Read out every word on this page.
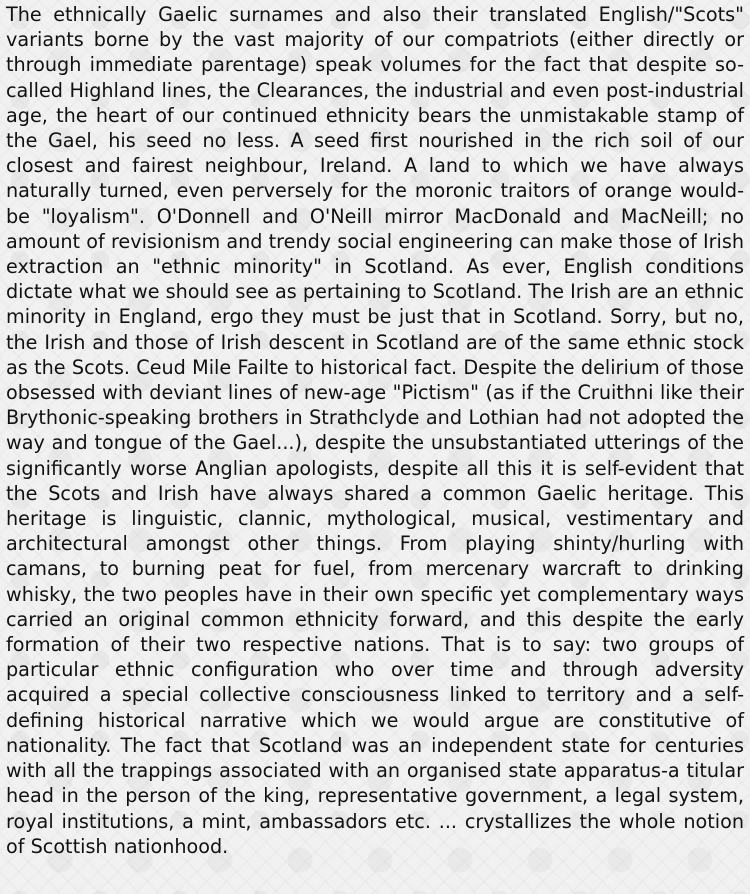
The ethnically Gaelic surnames and also their translated English/"Scots" variants borne by the vast majority of our compatriots (either directly or through immediate parentage) speak volumes for the fact that despite so-called Highland lines, the Clearances, the industrial and even post-industrial age, the heart of our continued ethnicity bears the unmistakable stamp of the Gael, his seed no less. A seed first nourished in the rich soil of our closest and fairest neighbour, Ireland. A land to which we have always naturally turned, even perversely for the moronic traitors of orange would-be "loyalism". O'Donnell and O'Neill mirror MacDonald and MacNeill; no amount of revisionism and trendy social engineering can make those of Irish extraction an "ethnic minority" in Scotland. As ever, English conditions dictate what we should see as pertaining to Scotland. The Irish are an ethnic minority in England, ergo they must be just that in Scotland. Sorry, but no, the Irish and those of Irish descent in Scotland are of the same ethnic stock as the Scots. Ceud Mile Failte to historical fact. Despite the delirium of those obsessed with deviant lines of new-age "Pictism" (as if the Cruithni like their Brythonic-speaking brothers in Strathclyde and Lothian had not adopted the way and tongue of the Gael...), despite the unsubstantiated utterings of the significantly worse Anglian apologists, despite all this it is self-evident that the Scots and Irish have always shared a common Gaelic heritage. This heritage is linguistic, clannic, mythological, musical, vestimentary and architectural amongst other things. From playing shinty/hurling with camans, to burning peat for fuel, from mercenary warcraft to drinking whisky, the two peoples have in their own specific yet complementary ways carried an original common ethnicity forward, and this despite the early formation of their two respective nations. That is to say: two groups of particular ethnic configuration who over time and through adversity acquired a special collective consciousness linked to territory and a self-defining historical narrative which we would argue are constitutive of nationality. The fact that Scotland was an independent state for centuries with all the trappings associated with an organised state apparatus-a titular head in the person of the king, representative government, a legal system, royal institutions, a mint, ambassadors etc. ... crystallizes the whole notion of Scottish nationhood.
